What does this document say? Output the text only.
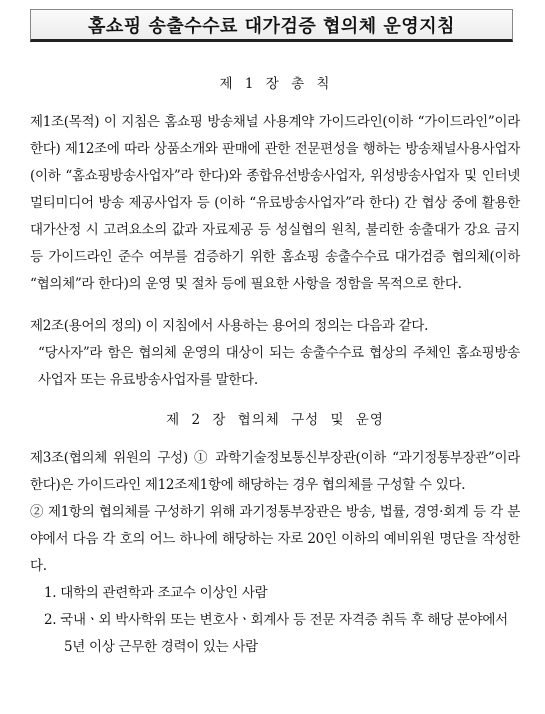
홈쇼핑 송출수수료 대가검증 협의체 운영지침
제 1 장 총 칙

제1조(목적) 이 지침은 홈쇼핑 방송채널 사용계약 가이드라인(이하 “가이드라인”이라 한다) 제12조에 따라 상품소개와 판매에 관한 전문편성을 행하는 방송채널사용사업자(이하 “홈쇼핑방송사업자”라 한다)와 종합유선방송사업자, 위성방송사업자 및 인터넷 멀티미디어 방송 제공사업자 등 (이하 “유료방송사업자”라 한다) 간 협상 중에 활용한 대가산정 시 고려요소의 값과 자료제공 등 성실협의 원칙, 불리한 송출대가 강요 금지 등 가이드라인 준수 여부를 검증하기 위한 홈쇼핑 송출수수료 대가검증 협의체(이하 “협의체”라 한다)의 운영 및 절차 등에 필요한 사항을 정함을 목적으로 한다.

제2조(용어의 정의) 이 지침에서 사용하는 용어의 정의는 다음과 같다.

“당사자”라 함은 협의체 운영의 대상이 되는 송출수수료 협상의 주체인 홈쇼핑방송사업자 또는 유료방송사업자를 말한다.

제 2 장 협의체 구성 및 운영

제3조(협의체 위원의 구성) ① 과학기술정보통신부장관(이하 “과기정통부장관”이라 한다)은 가이드라인 제12조제1항에 해당하는 경우 협의체를 구성할 수 있다.

② 제1항의 협의체를 구성하기 위해 과기정통부장관은 방송, 법률, 경영·회계 등 각 분야에서 다음 각 호의 어느 하나에 해당하는 자로 20인 이하의 예비위원 명단을 작성한다.

1. 대학의 관련학과 조교수 이상인 사람
2. 국내ㆍ외 박사학위 또는 변호사ㆍ회계사 등 전문 자격증 취득 후 해당 분야에서 5년 이상 근무한 경력이 있는 사람
